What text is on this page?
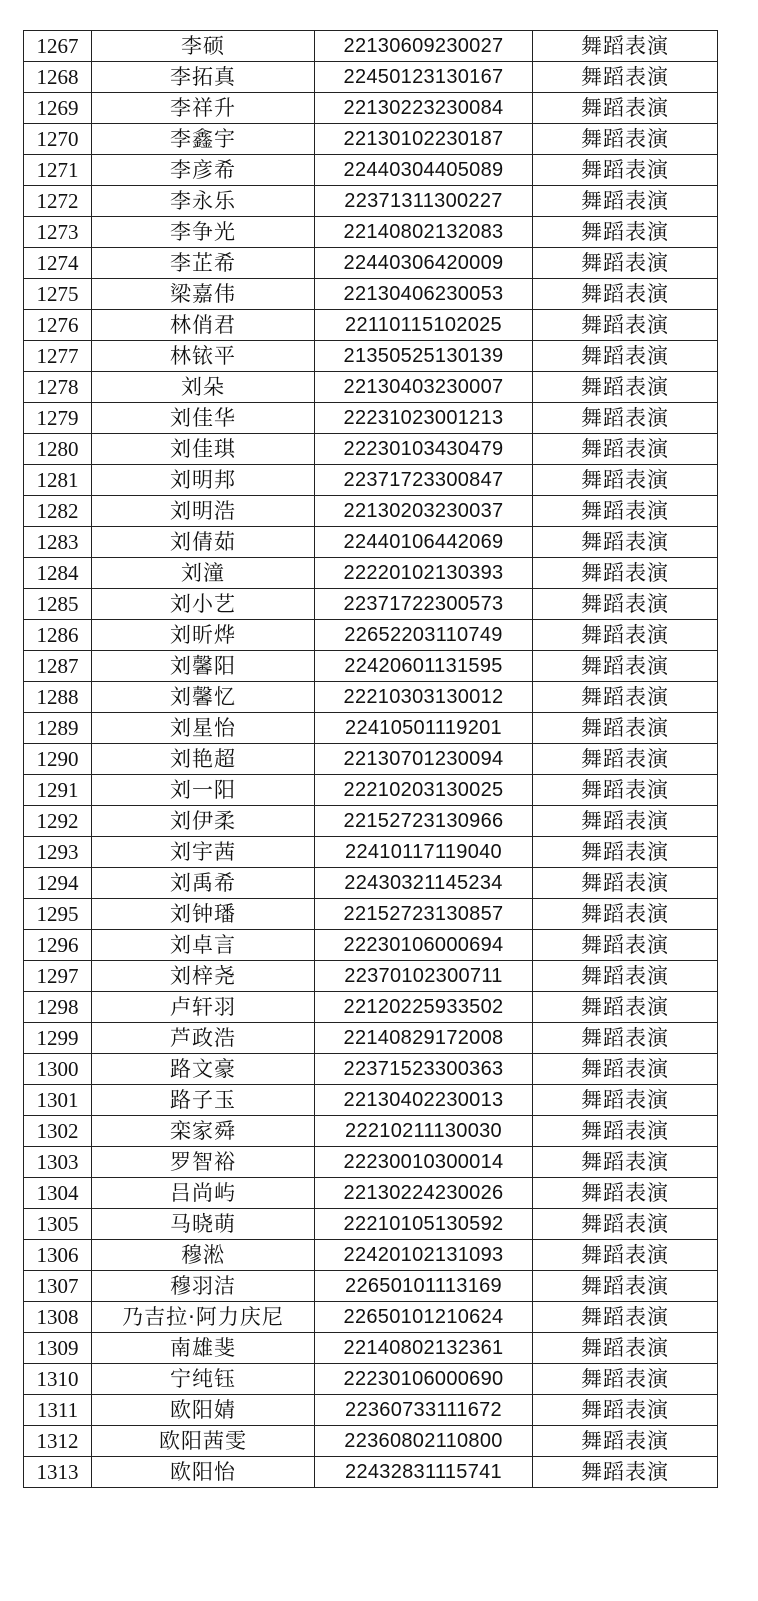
1267	李硕	22130609230027	舞蹈表演
1268	李拓真	22450123130167	舞蹈表演
1269	李祥升	22130223230084	舞蹈表演
1270	李鑫宇	22130102230187	舞蹈表演
1271	李彦希	22440304405089	舞蹈表演
1272	李永乐	22371311300227	舞蹈表演
1273	李争光	22140802132083	舞蹈表演
1274	李芷希	22440306420009	舞蹈表演
1275	梁嘉伟	22130406230053	舞蹈表演
1276	林俏君	22110115102025	舞蹈表演
1277	林铱平	21350525130139	舞蹈表演
1278	刘朵	22130403230007	舞蹈表演
1279	刘佳华	22231023001213	舞蹈表演
1280	刘佳琪	22230103430479	舞蹈表演
1281	刘明邦	22371723300847	舞蹈表演
1282	刘明浩	22130203230037	舞蹈表演
1283	刘倩茹	22440106442069	舞蹈表演
1284	刘潼	22220102130393	舞蹈表演
1285	刘小艺	22371722300573	舞蹈表演
1286	刘昕烨	22652203110749	舞蹈表演
1287	刘馨阳	22420601131595	舞蹈表演
1288	刘馨忆	22210303130012	舞蹈表演
1289	刘星怡	22410501119201	舞蹈表演
1290	刘艳超	22130701230094	舞蹈表演
1291	刘一阳	22210203130025	舞蹈表演
1292	刘伊柔	22152723130966	舞蹈表演
1293	刘宇茜	22410117119040	舞蹈表演
1294	刘禹希	22430321145234	舞蹈表演
1295	刘钟璠	22152723130857	舞蹈表演
1296	刘卓言	22230106000694	舞蹈表演
1297	刘梓尧	22370102300711	舞蹈表演
1298	卢轩羽	22120225933502	舞蹈表演
1299	芦政浩	22140829172008	舞蹈表演
1300	路文豪	22371523300363	舞蹈表演
1301	路子玉	22130402230013	舞蹈表演
1302	栾家舜	22210211130030	舞蹈表演
1303	罗智裕	22230010300014	舞蹈表演
1304	吕尚屿	22130224230026	舞蹈表演
1305	马晓萌	22210105130592	舞蹈表演
1306	穆淞	22420102131093	舞蹈表演
1307	穆羽洁	22650101113169	舞蹈表演
1308	乃吉拉·阿力庆尼	22650101210624	舞蹈表演
1309	南雄斐	22140802132361	舞蹈表演
1310	宁纯钰	22230106000690	舞蹈表演
1311	欧阳婧	22360733111672	舞蹈表演
1312	欧阳茜雯	22360802110800	舞蹈表演
1313	欧阳怡	22432831115741	舞蹈表演
